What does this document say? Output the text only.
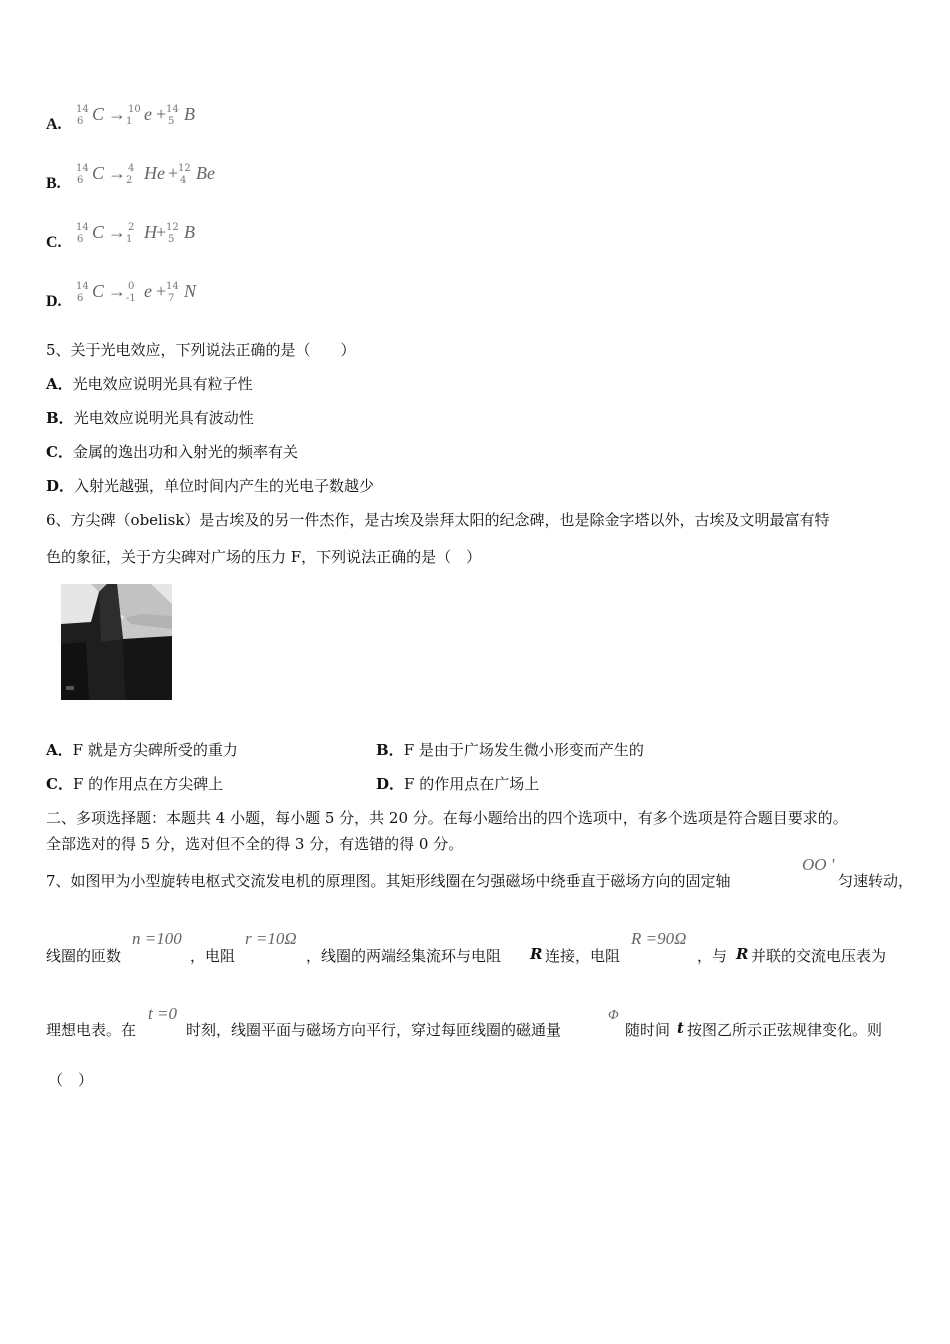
A.
14
6 C → 10
1 e + 14
5 B
B.
14
6 C → 4
2 He + 12
4 Be
C.
14
6 C → 2
1 H + 12
5 B
D.
14
6 C → 0
-1 e + 14
7 N
5、关于光电效应，下列说法正确的是（　　）
A．光电效应说明光具有粒子性
B．光电效应说明光具有波动性
C．金属的逸出功和入射光的频率有关
D．入射光越强，单位时间内产生的光电子数越少
6、方尖碑（obelisk）是古埃及的另一件杰作，是古埃及崇拜太阳的纪念碑，也是除金字塔以外，古埃及文明最富有特
色的象征，关于方尖碑对广场的压力 F，下列说法正确的是（　）
A．F 就是方尖碑所受的重力	B．F 是由于广场发生微小形变而产生的
C．F 的作用点在方尖碑上	D．F 的作用点在广场上
二、多项选择题：本题共 4 小题，每小题 5 分，共 20 分。在每小题给出的四个选项中，有多个选项是符合题目要求的。
全部选对的得 5 分，选对但不全的得 3 分，有选错的得 0 分。
7、如图甲为小型旋转电枢式交流发电机的原理图。其矩形线圈在匀强磁场中绕垂直于磁场方向的固定轴
OO '
匀速转动，
线圈的匝数
n =100
，电阻
r =10Ω
，线圈的两端经集流环与电阻 R 连接，电阻
R =90Ω
，与 R 并联的交流电压表为
理想电表。在
t =0
时刻，线圈平面与磁场方向平行，穿过每匝线圈的磁通量
Φ
随时间 t 按图乙所示正弦规律变化。则
（　）
